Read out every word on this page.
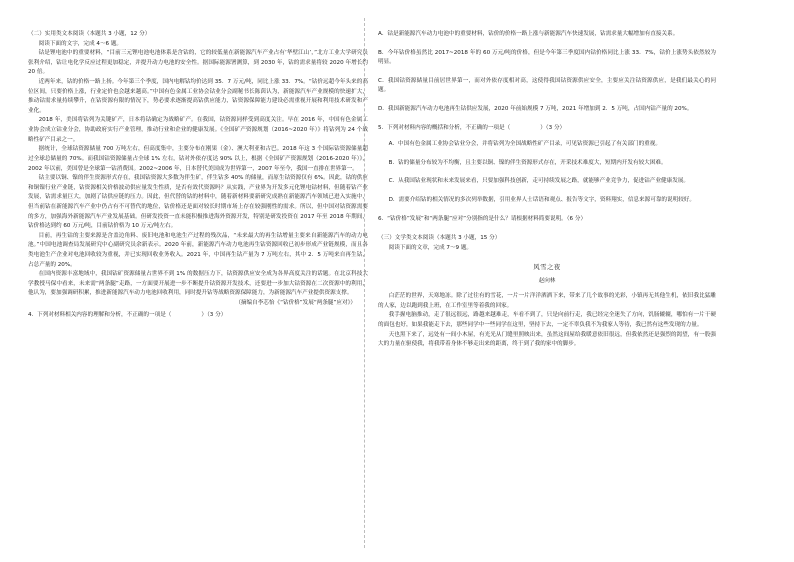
（二）实用类文本阅读（本题共 3 小题，12 分）

阅读下面的文字，完成 4～6 题。

钴是锂电池中的重要材料，“目前三元锂电池电池体系是含钴的，它的较低量在新能源汽车产业占有‘华壁江山’，”北方工业大学研究员张利介绍，钴让电化学反应过程更加稳定，并提升动力电池的安全性。据国际能源署测算，到 2030 年，钴的需求量将较 2020 年增长约 20 倍。

近两年来，钴的价格一路上扬。今年第三个季度，国内电解钴均价达到 35．7 万元/吨，同比上涨 33．7%。“钴价远超今年头来的高位区间，只要价格上涨，行业定价也会越来越高。”中国有色金属工业协会钴业分会副秘书长陈茵认为，新能源汽车产业规模的快速扩大，推动钴需求量持续攀升，在钴资源有限的情况下，势必要求逐渐提高钴供应能力，钴资源保障能力建设必需重视开展和利用技术研发和产业化。

2018 年，美国将钴列为关键矿产，日本将钴确定为战略矿产。在我国，钴资源同样受到高度关注。早在 2016 年，中国有色金属工业协会成立钴业分会，协助政府实行产业管理，推动行业和企业的健康发展。《全国矿产资源规划（2016~2020 年）》将钴列为 24 个战略性矿产目录之一。

据统计，全球钴资源储量 700 万吨左右，但高度集中，主要分布在刚果（金）、澳大利亚和古巴。2018 年这 3 个国际钴资源储量超过全球总储量的 70%。而我国钴资源储量占全球 1% 左右，钴对外依存度达 90% 以上，根据《全国矿产资源规划（2016-2020 年）》，2002 年以前，美国曾是全球第一钴消费国。2002~2006 年，日本替代美国成为世界第一，2007 年至今，我国一直排在世界第一。

钴主要以铜、镍的伴生资源形式存在，我国钴资源大多数为伴生矿，伴生钴多 40% 的储量，而原生钴资源仅有 6%。因此，钴的供应和铜镍行业产业链，钴资源相关价格波动供应量发生性质，是否有效代资源吗？从实践，产业界为开发多元化锂电钴材料，但随着钴产业发展，钴需求量巨大，加剧了钴供应链的压力。因此，但代替的钴的材料中，随着新材料要新研究成熟在新能源汽车领域已进入实施中，但当前钴在新能源汽车产业中仍占有不可替代的地位，钴价格还是面对较长时期市场上存在较强刚性的需求。所以，但中国对钴资源需要的多方，加强海外新能源汽车产业发展基础。但研发投资一直未能积极推进海外资源开发，特别是研发投资在 2017 年至 2018 年期间，钴价格达到约 60 万元/吨，目前钴价格为 10 万元/吨左右。

目前，再生钴的主要来源是含盖边角料、废旧电池和电池生产过程的残次品，“未来最大的再生钴增量主要来自新能源汽车的动力电池。”中国电池调查局发展研究中心副研究员余新表示。2020 年前，新能源汽车动力电池再生钴资源回收已初步形成产业链规模，而且各类电池生产企业对电池回收较为重视，并已实现回收业务收入。2021 年，中国再生钴产量为 7 万吨左右，其中 2．5 万吨来自再生钴，占总产量的 20%。

在国内资源丰富地域中，我国钴矿资源储量占世界不到 1% 的数据压力下，钴资源供应安全成为各界高度关注的话题。在北京科技大学教授马保中看来，未来需“两条腿”走路，一方面要开展进一步不断提升钴资源开发技术，还要进一步加大钴资源在二次资源中的利用，他认为，要加强调研积累，推进新能源汽车动力电池回收利用，同时提升钴等战略资源保障能力，为新能源汽车产业提供资源支撑。

（摘编自李芯怡《“钴价格”发展“两条腿”应对》）

4．下列对材料相关内容的理解和分析，不正确的一项是（	）（3 分）

A．钴是新能源汽车动力电池中的重要材料，钴价的价格一路上涨与新能源汽车快速发展，钴需求量大幅增加有直接关系。

B．今年钴价格虽然比 2017~2018 年的 60 万元/吨的价格，但是今年第三季度国内钴价格同比上涨 33．7%，钴价上涨势头依然较为明显。

C．我国钴资源储量目前居世界第一，而对外依存度相对高，这使得我国钴资源供应安全，主要应关注钴资源供应，是我们最关心的问题。

D．我国新能源汽车动力电池再生钴供应发展，2020 年前始规模 7 万吨，2021 年增加到 2．5 万吨，占国内钴产量的 20%。

5．下列对材料内容的概括和分析，不正确的一项是（	）（3 分）

A．中国有色金属工业协会钴业分会，并将钴列为全国战略性矿产目录，可见钴资源已引起了有关部门的重视。

B．钴的储量分布较为不均衡，且主要以铜、镍的伴生资源形式存在，开采技术难度大，短期内开发有较大困难。

C．从我国钴业现状和未来发展来看，只要加强科技创新，走可持续发展之路，就能够产业竞争力，促进钴产业健康发展。

D．需要介绍钴的相关情况的多次列举数据，引用业界人士话语和观点、报告等文字，资料翔实，信息来源可靠的说明较好。

6．“钴价格”发展”和“两条腿”应对”分别指的是什么？请根据材料简要说明。（6 分）

（三）文学类文本阅读（本题共 3 小题，15 分）

阅读下面的文章，完成 7～9 题。

风雪之夜
赵向林

白茫茫的世界，天寒地冻。除了过往有的雪花，一片一片洋洋洒洒下来，带来了几个故事的光彩，小镇再无其他生机，依旧我比猛雕的人家，边以跑到我上班，在工作室里等着我的回家。

我手握电脑推动，走了很远很远，路越来越难走，车看不到了，只是向前行走，我已经完全迷失了方向，饥肠辘辘，哪怕有一片干硬的面包也好，如果我能走下去，那些同学中一些同学在这里，坚持下去，一定不辜负我不为我家人等待，我已然有这些发现的力量。

天也黑下来了，远处有一间小木屋，有光光从门缝里照映出来，虽然这间屋给我暖意依旧很远，但我依然还是强烈的渴望，有一股强大的力量在驱使我，将我带着身体不够走出来的距离，终于到了我的家中的脚步。
